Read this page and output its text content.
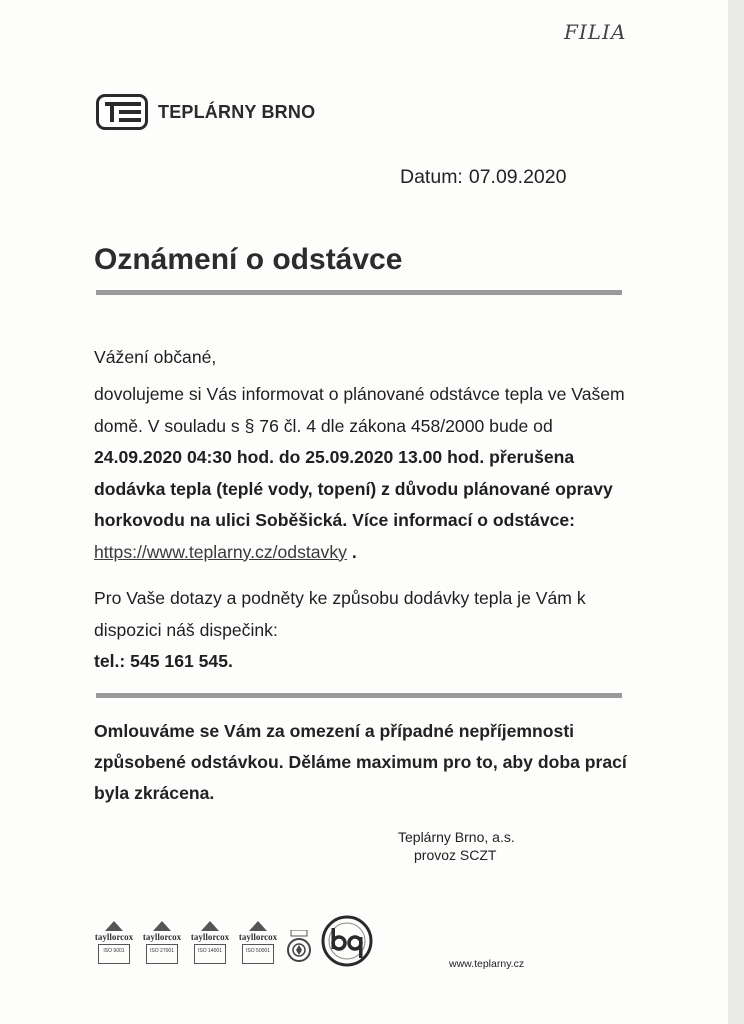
FILIA
TEPLÁRNY BRNO
Datum: 07.09.2020
Oznámení o odstávce
Vážení občané,
dovolujeme si Vás informovat o plánované odstávce tepla ve Vašem domě. V souladu s § 76 čl. 4 dle zákona 458/2000 bude od 24.09.2020 04:30 hod. do 25.09.2020 13.00 hod. přerušena dodávka tepla (teplé vody, topení) z důvodu plánované opravy horkovodu na ulici Soběšická. Více informací o odstávce: https://www.teplarny.cz/odstavky .
Pro Vaše dotazy a podněty ke způsobu dodávky tepla je Vám k dispozici náš dispečink:
tel.: 545 161 545.
Omlouváme se Vám za omezení a případné nepříjemnosti způsobené odstávkou. Děláme maximum pro to, aby doba prací byla zkrácena.
Teplárny Brno, a.s.
provoz SCZT
tayllorcox
ISO 9001
tayllorcox
ISO 27001
tayllorcox
ISO 14001
tayllorcox
ISO 50001
www.teplarny.cz
